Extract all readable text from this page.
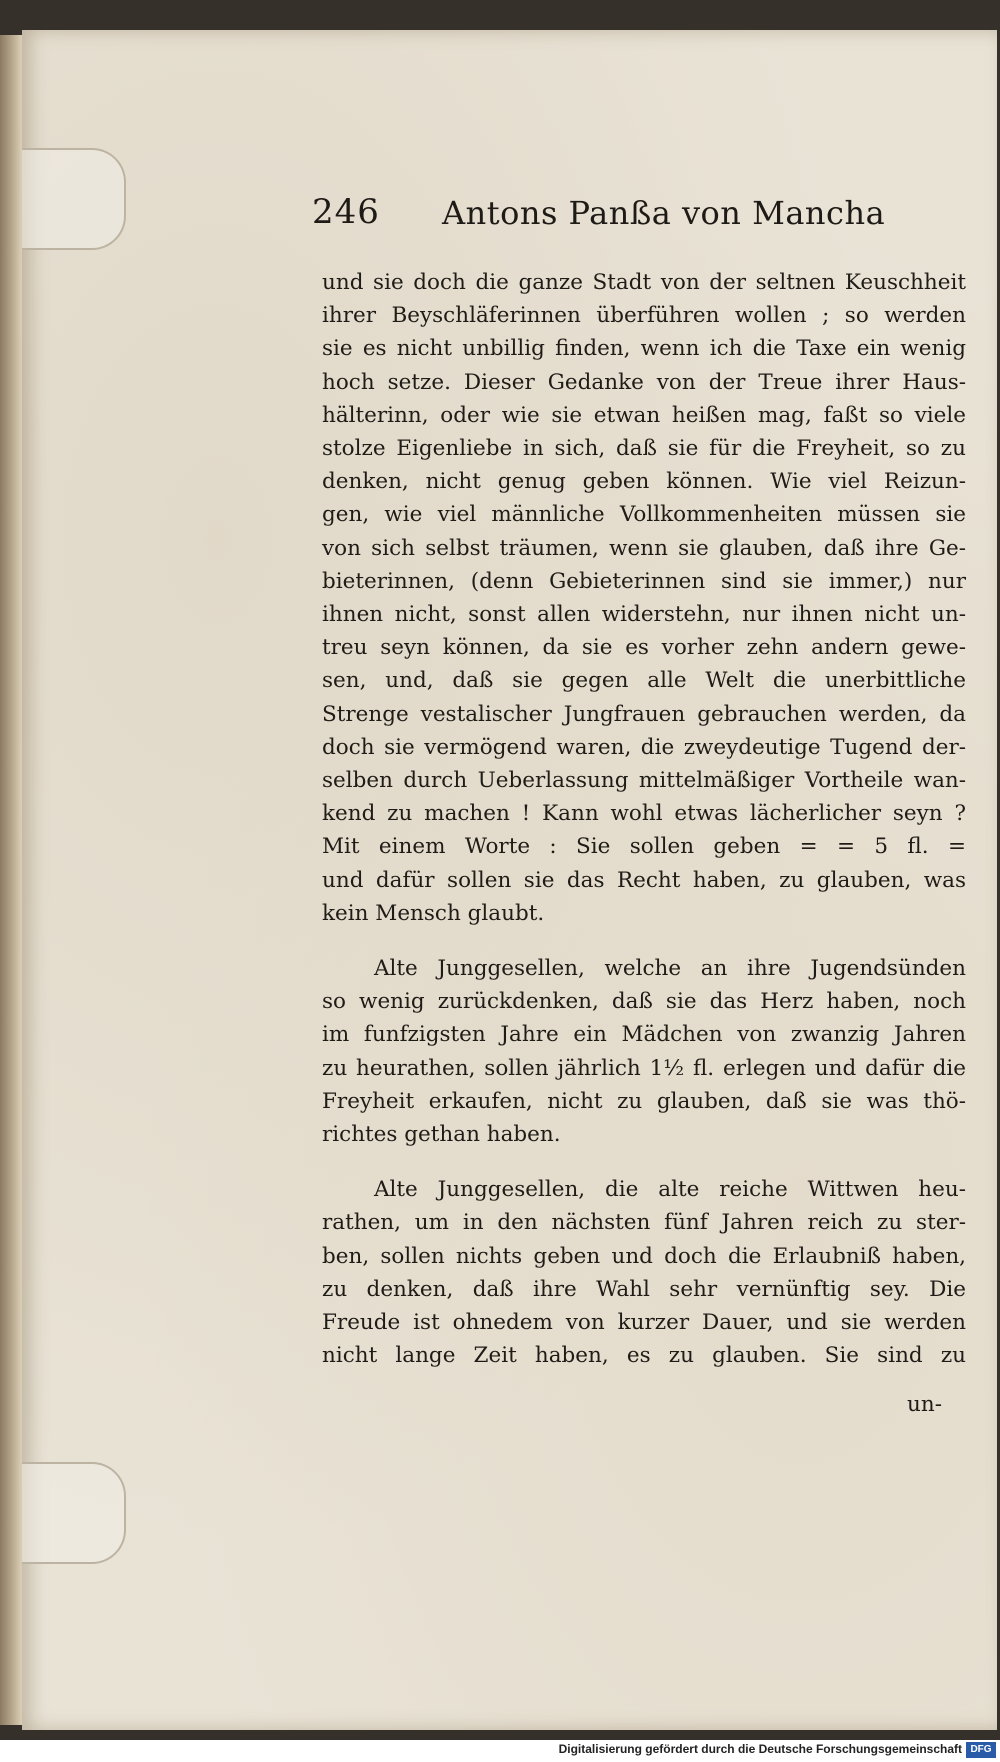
246 Antons Panßa von Mancha
und sie doch die ganze Stadt von der seltnen Keuschheit
ihrer Beyschläferinnen überführen wollen ; so werden
sie es nicht unbillig finden, wenn ich die Taxe ein wenig
hoch setze. Dieser Gedanke von der Treue ihrer Haus-
hälterinn, oder wie sie etwan heißen mag, faßt so viele
stolze Eigenliebe in sich, daß sie für die Freyheit, so zu
denken, nicht genug geben können. Wie viel Reizun-
gen, wie viel männliche Vollkommenheiten müssen sie
von sich selbst träumen, wenn sie glauben, daß ihre Ge-
bieterinnen, (denn Gebieterinnen sind sie immer,) nur
ihnen nicht, sonst allen widerstehn, nur ihnen nicht un-
treu seyn können, da sie es vorher zehn andern gewe-
sen, und, daß sie gegen alle Welt die unerbittliche
Strenge vestalischer Jungfrauen gebrauchen werden, da
doch sie vermögend waren, die zweydeutige Tugend der-
selben durch Ueberlassung mittelmäßiger Vortheile wan-
kend zu machen ! Kann wohl etwas lächerlicher seyn ?
Mit einem Worte : Sie sollen geben = = 5 fl. =
und dafür sollen sie das Recht haben, zu glauben, was
kein Mensch glaubt.
Alte Junggesellen, welche an ihre Jugendsünden
so wenig zurückdenken, daß sie das Herz haben, noch
im funfzigsten Jahre ein Mädchen von zwanzig Jahren
zu heurathen, sollen jährlich 1½ fl. erlegen und dafür die
Freyheit erkaufen, nicht zu glauben, daß sie was thö-
richtes gethan haben.
Alte Junggesellen, die alte reiche Wittwen heu-
rathen, um in den nächsten fünf Jahren reich zu ster-
ben, sollen nichts geben und doch die Erlaubniß haben,
zu denken, daß ihre Wahl sehr vernünftig sey. Die
Freude ist ohnedem von kurzer Dauer, und sie werden
nicht lange Zeit haben, es zu glauben. Sie sind zu
un-
Digitalisierung gefördert durch die Deutsche Forschungsgemeinschaft DFG
